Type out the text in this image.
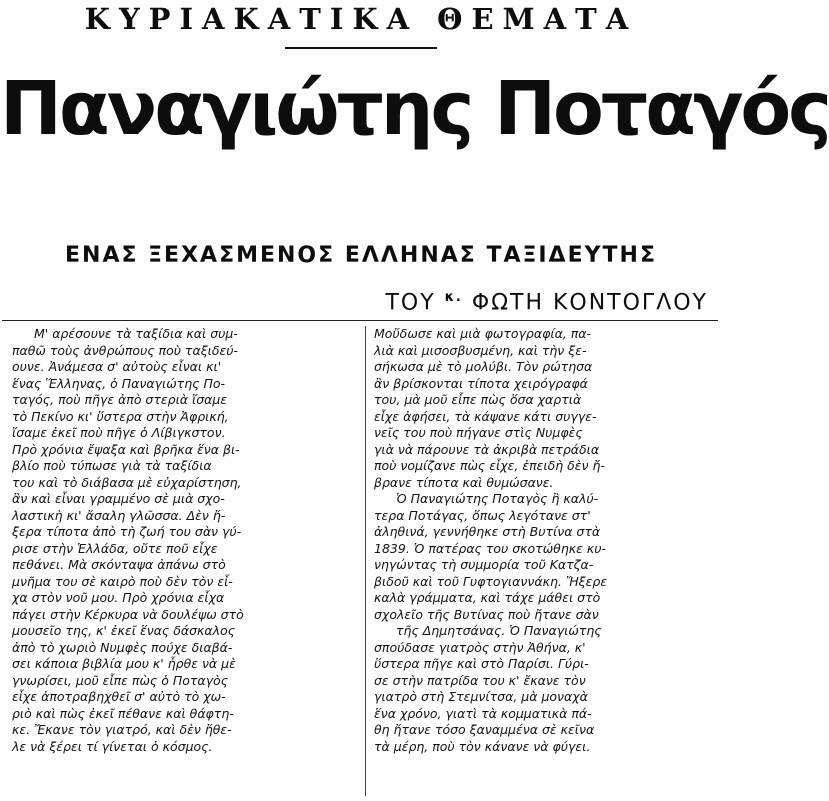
ΚΥΡΙΑΚΑΤΙΚΑ ΘΕΜΑΤΑ
Παναγιώτης Ποταγός
ΕΝΑΣ ΞΕΧΑΣΜΕΝΟΣ ΕΛΛΗΝΑΣ ΤΑΞΙΔΕΥΤΗΣ
ΤΟΥ $^{\kappa.}$ ΦΩΤΗ ΚΟΝΤΟΓΛΟΥ
Μ' αρέσουνε τὰ ταξίδια καὶ συμ-
παθῶ τοὺς ἀνθρώπους ποὺ ταξιδεύ-
ουνε. Ἀνάμεσα σ' αὐτοὺς εἶναι κι'
ἕνας Ἕλληνας, ὁ Παναγιώτης Πο-
ταγός, ποὺ πῆγε ἀπὸ στεριὰ ἴσαμε
τὸ Πεκίνο κι' ὕστερα στὴν Ἀφρική,
ἴσαμε ἐκεῖ ποὺ πῆγε ὁ Λίβιγκστον.
Πρὸ χρόνια ἔψαξα καὶ βρῆκα ἕνα βι-
βλίο ποὺ τύπωσε γιὰ τὰ ταξίδια
του καὶ τὸ διάβασα μὲ εὐχαρίστηση,
ἂν καὶ εἶναι γραμμένο σὲ μιὰ σχο-
λαστικὴ κι' ἄσαλη γλῶσσα. Δὲν ἤ-
ξερα τίποτα ἀπὸ τὴ ζωή του σὰν γύ-
ρισε στὴν Ἑλλάδα, οὔτε ποῦ εἶχε
πεθάνει. Μὰ σκόνταψα ἀπάνω στὸ
μνῆμα του σὲ καιρὸ ποὺ δὲν τὸν εἶ-
χα στὸν νοῦ μου. Πρὸ χρόνια εἶχα
πάγει στὴν Κέρκυρα νὰ δουλέψω στὸ
μουσεῖο της, κ' ἐκεῖ ἕνας δάσκαλος
ἀπὸ τὸ χωριὸ Νυμφὲς πούχε διαβά-
σει κάποια βιβλία μου κ' ἦρθε νὰ μὲ
γνωρίσει, μοῦ εἶπε πὼς ὁ Ποταγὸς
εἶχε ἀποτραβηχθεῖ σ' αὐτὸ τὸ χω-
ριὸ καὶ πὼς ἐκεῖ πέθανε καὶ θάφτη-
κε. Ἔκανε τὸν γιατρό, καὶ δὲν ἤθε-
λε νὰ ξέρει τί γίνεται ὁ κόσμος.
Μοὔδωσε καὶ μιὰ φωτογραφία, πα-
λιὰ καὶ μισοσβυσμένη, καὶ τὴν ξε-
σήκωσα μὲ τὸ μολύβι. Τὸν ρώτησα
ἂν βρίσκονται τίποτα χειρόγραφά
του, μὰ μοῦ εἶπε πὼς ὅσα χαρτιὰ
εἶχε ἀφήσει, τὰ κάψανε κάτι συγγε-
νεῖς του ποὺ πήγανε στὶς Νυμφὲς
γιὰ νὰ πάρουνε τὰ ἀκριβὰ πετράδια
ποὺ νομίζανε πὼς εἶχε, ἐπειδὴ δὲν ἤ-
βρανε τίποτα καὶ θυμώσανε.
Ὁ Παναγιώτης Ποταγὸς ἢ καλύ-
τερα Ποτάγας, ὅπως λεγότανε στ'
ἀληθινά, γεννήθηκε στὴ Βυτίνα στὰ
1839. Ὁ πατέρας του σκοτώθηκε κυ-
νηγώντας τὴ συμμορία τοῦ Κατζα-
βιδοῦ καὶ τοῦ Γυφτογιαννάκη. Ἤξερε
καλὰ γράμματα, καὶ τάχε μάθει στὸ
σχολεῖο τῆς Βυτίνας ποὺ ἤτανε σὰν
τῆς Δημητσάνας. Ὁ Παναγιώτης
σπούδασε γιατρὸς στὴν Ἀθήνα, κ'
ὕστερα πῆγε καὶ στὸ Παρίσι. Γύρι-
σε στὴν πατρίδα του κ' ἔκανε τὸν
γιατρὸ στὴ Στεμνίτσα, μὰ μοναχὰ
ἕνα χρόνο, γιατὶ τὰ κομματικὰ πά-
θη ἤτανε τόσο ξαναμμένα σὲ κεῖνα
τὰ μέρη, ποὺ τὸν κάνανε νὰ φύγει.
